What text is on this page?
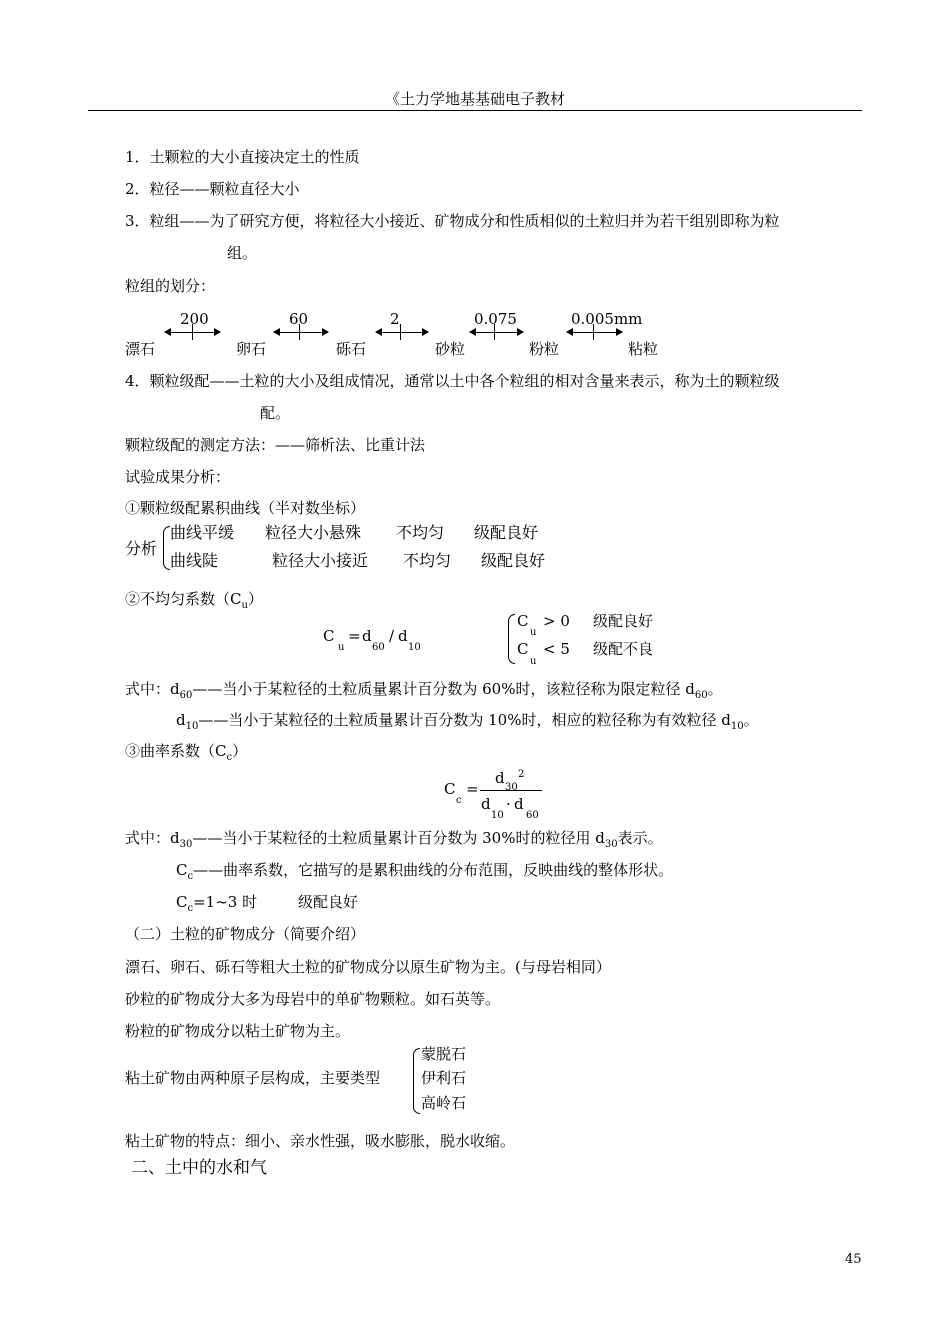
《土力学地基基础电子教材
1．土颗粒的大小直接决定土的性质
2．粒径——颗粒直径大小
3．粒组——为了研究方便，将粒径大小接近、矿物成分和性质相似的土粒归并为若干组别即称为粒
组。
粒组的划分：
200	60	2	0.075	0.005mm
漂石	卵石	砾石	砂粒	粉粒	粘粒
4．颗粒级配——土粒的大小及组成情况，通常以土中各个粒组的相对含量来表示，称为土的颗粒级
配。
颗粒级配的测定方法：——筛析法、比重计法
试验成果分析：
①颗粒级配累积曲线（半对数坐标）
分析
曲线平缓 粒径大小悬殊 不均匀 级配良好
曲线陡	粒径大小接近 不均匀 级配良好
②不均匀系数$(C_u)$
C
u
= d
60
/ d
10
C
u
> 0 级配良好
C
u
< 5 级配不良
式中：$d_{60}——$当小于某粒径的土粒质量累计百分数为 60%时，该粒径称为限定粒径 $d_{60}$。
$d_{10}——$当小于某粒径的土粒质量累计百分数为 10%时，相应的粒径称为有效粒径 $d_{10}$。
③曲率系数$(C_c)$
C
c
=
d
30
2
d
10
· d
60
式中：$d_{30}——$当小于某粒径的土粒质量累计百分数为 30%时的粒径用 $d_{30}$表示。
$C_c——$曲率系数，它描写的是累积曲线的分布范围，反映曲线的整体形状。
$C_c=1\sim 3$ 时	级配良好
（二）土粒的矿物成分（简要介绍）
漂石、卵石、砾石等粗大土粒的矿物成分以原生矿物为主。(与母岩相同）
砂粒的矿物成分大多为母岩中的单矿物颗粒。如石英等。
粉粒的矿物成分以粘土矿物为主。
粘土矿物由两种原子层构成，主要类型
蒙脱石
伊利石
高岭石
粘土矿物的特点：细小、亲水性强，吸水膨胀，脱水收缩。
二、土中的水和气
45
